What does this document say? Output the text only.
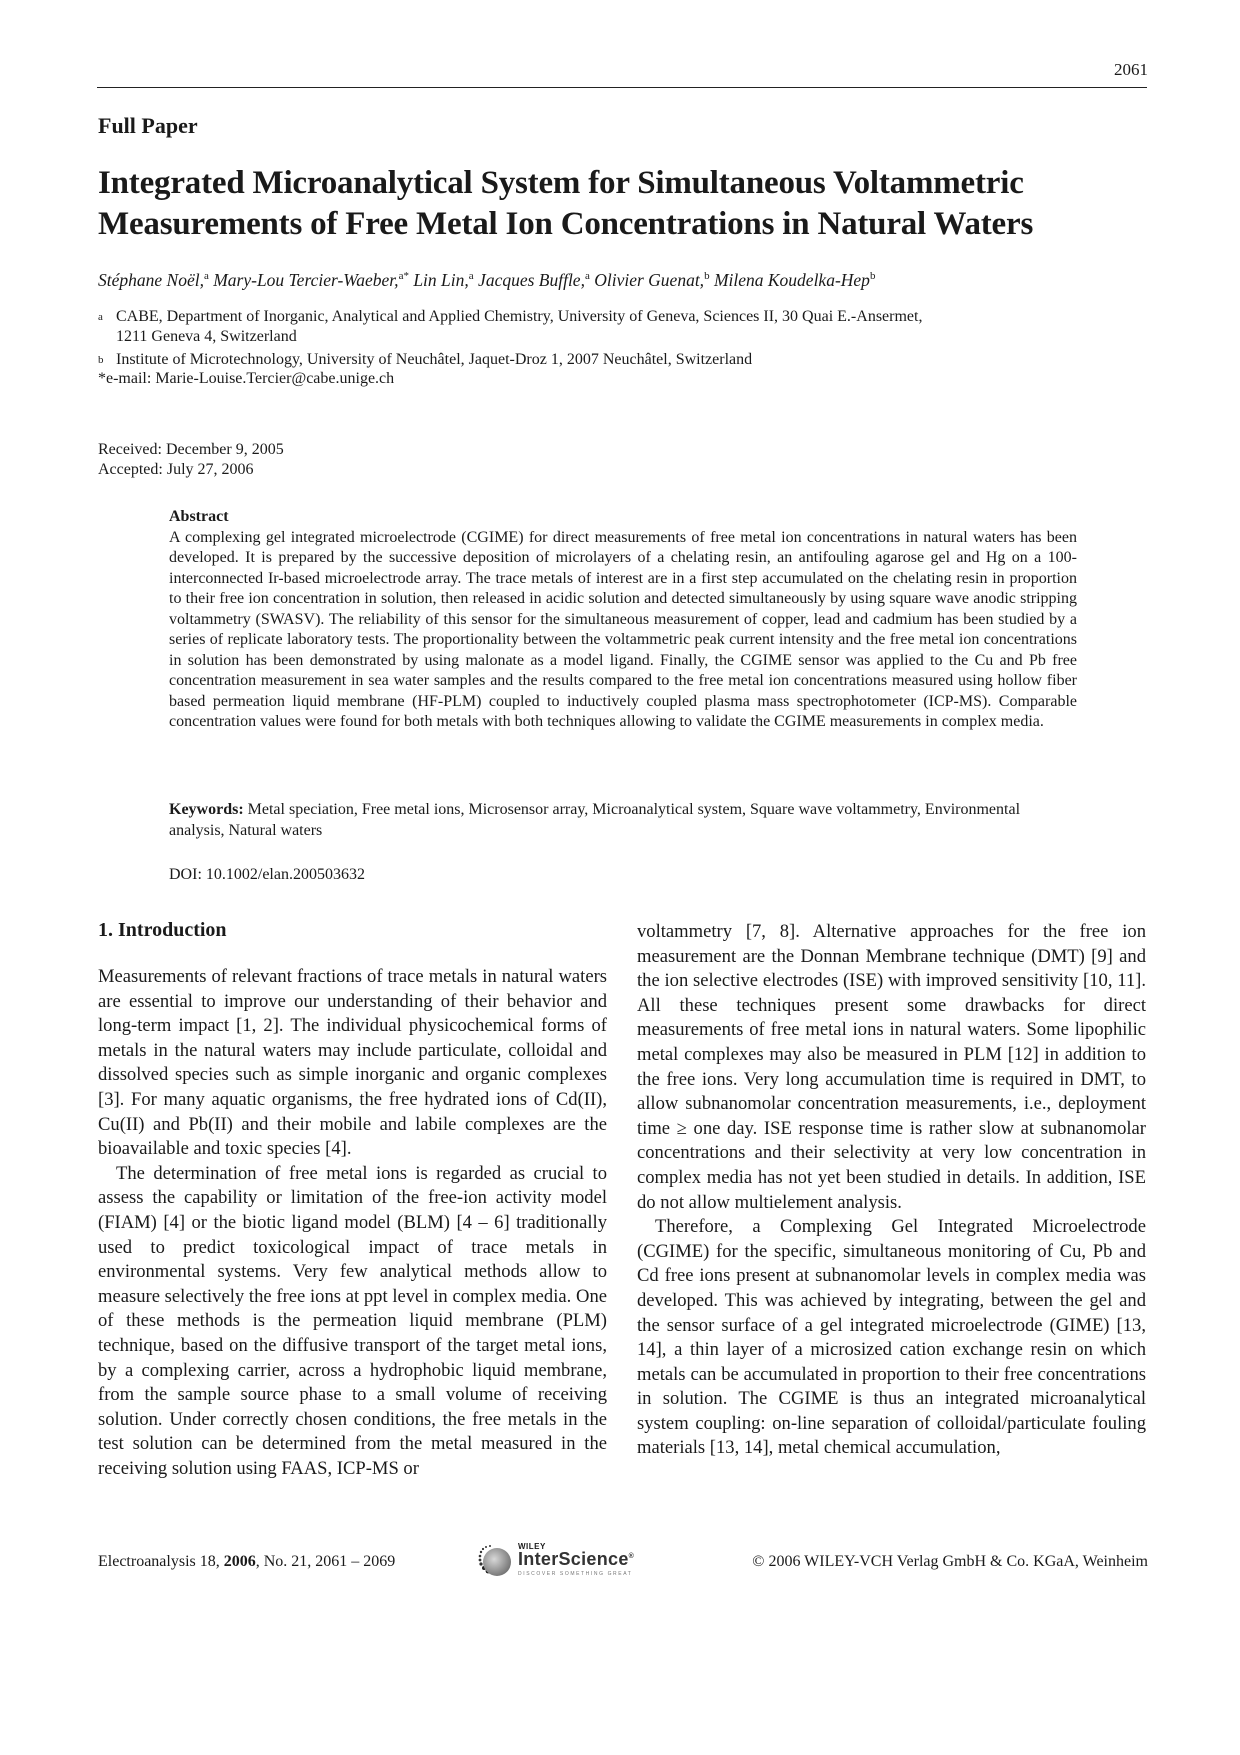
2061
Full Paper
Integrated Microanalytical System for Simultaneous Voltammetric Measurements of Free Metal Ion Concentrations in Natural Waters
Stéphane Noël,$^a$ Mary-Lou Tercier-Waeber,$^{a*}$ Lin Lin,$^a$ Jacques Buffle,$^a$ Olivier Guenat,$^b$ Milena Koudelka-Hep$^b$
a CABE, Department of Inorganic, Analytical and Applied Chemistry, University of Geneva, Sciences II, 30 Quai E.-Ansermet,
1211 Geneva 4, Switzerland
b Institute of Microtechnology, University of Neuchâtel, Jaquet-Droz 1, 2007 Neuchâtel, Switzerland
*e-mail: Marie-Louise.Tercier@cabe.unige.ch
Received: December 9, 2005
Accepted: July 27, 2006
Abstract
A complexing gel integrated microelectrode (CGIME) for direct measurements of free metal ion concentrations in natural waters has been developed. It is prepared by the successive deposition of microlayers of a chelating resin, an antifouling agarose gel and Hg on a 100-interconnected Ir-based microelectrode array. The trace metals of interest are in a first step accumulated on the chelating resin in proportion to their free ion concentration in solution, then released in acidic solution and detected simultaneously by using square wave anodic stripping voltammetry (SWASV). The reliability of this sensor for the simultaneous measurement of copper, lead and cadmium has been studied by a series of replicate laboratory tests. The proportionality between the voltammetric peak current intensity and the free metal ion concentrations in solution has been demonstrated by using malonate as a model ligand. Finally, the CGIME sensor was applied to the Cu and Pb free concentration measurement in sea water samples and the results compared to the free metal ion concentrations measured using hollow fiber based permeation liquid membrane (HF-PLM) coupled to inductively coupled plasma mass spectrophotometer (ICP-MS). Comparable concentration values were found for both metals with both techniques allowing to validate the CGIME measurements in complex media.
Keywords: Metal speciation, Free metal ions, Microsensor array, Microanalytical system, Square wave voltammetry, Environmental analysis, Natural waters
DOI: 10.1002/elan.200503632
1. Introduction

Measurements of relevant fractions of trace metals in natural waters are essential to improve our understanding of their behavior and long-term impact [1, 2]. The individual physicochemical forms of metals in the natural waters may include particulate, colloidal and dissolved species such as simple inorganic and organic complexes [3]. For many aquatic organisms, the free hydrated ions of Cd(II), Cu(II) and Pb(II) and their mobile and labile complexes are the bioavailable and toxic species [4].

The determination of free metal ions is regarded as crucial to assess the capability or limitation of the free-ion activity model (FIAM) [4] or the biotic ligand model (BLM) [4 – 6] traditionally used to predict toxicological impact of trace metals in environmental systems. Very few analytical methods allow to measure selectively the free ions at ppt level in complex media. One of these methods is the permeation liquid membrane (PLM) technique, based on the diffusive transport of the target metal ions, by a complexing carrier, across a hydrophobic liquid membrane, from the sample source phase to a small volume of receiving solution. Under correctly chosen conditions, the free metals in the test solution can be determined from the metal measured in the receiving solution using FAAS, ICP-MS or

voltammetry [7, 8]. Alternative approaches for the free ion measurement are the Donnan Membrane technique (DMT) [9] and the ion selective electrodes (ISE) with improved sensitivity [10, 11]. All these techniques present some drawbacks for direct measurements of free metal ions in natural waters. Some lipophilic metal complexes may also be measured in PLM [12] in addition to the free ions. Very long accumulation time is required in DMT, to allow subnanomolar concentration measurements, i.e., deployment time ≥ one day. ISE response time is rather slow at subnanomolar concentrations and their selectivity at very low concentration in complex media has not yet been studied in details. In addition, ISE do not allow multielement analysis.

Therefore, a Complexing Gel Integrated Microelectrode (CGIME) for the specific, simultaneous monitoring of Cu, Pb and Cd free ions present at subnanomolar levels in complex media was developed. This was achieved by integrating, between the gel and the sensor surface of a gel integrated microelectrode (GIME) [13, 14], a thin layer of a microsized cation exchange resin on which metals can be accumulated in proportion to their free concentrations in solution. The CGIME is thus an integrated microanalytical system coupling: on-line separation of colloidal/particulate fouling materials [13, 14], metal chemical accumulation,

Electroanalysis 18, 2006, No. 21, 2061 – 2069
WILEY
InterScience®
DISCOVER SOMETHING GREAT
© 2006 WILEY-VCH Verlag GmbH & Co. KGaA, Weinheim
